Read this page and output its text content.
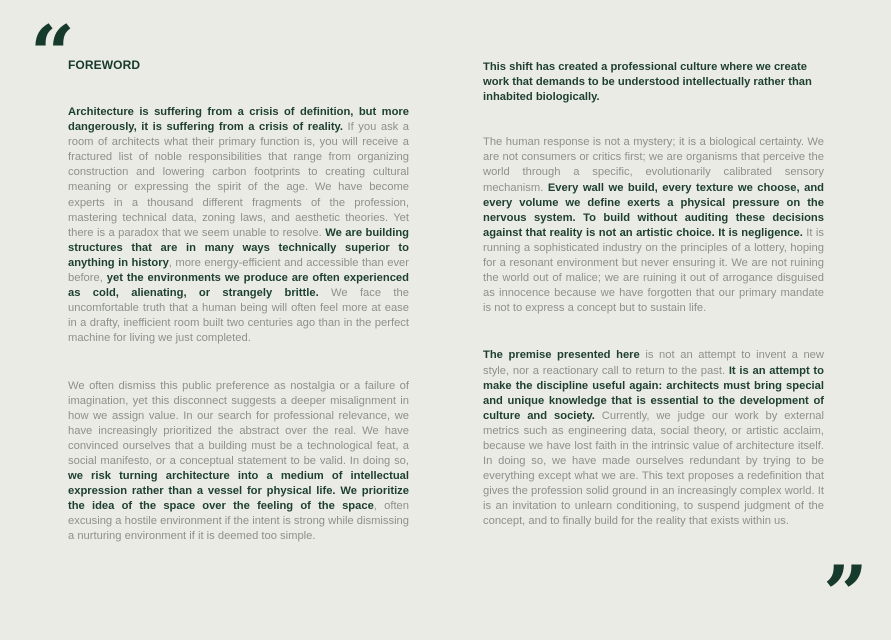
“
”
FOREWORD

Architecture is suffering from a crisis of definition, but more dangerously, it is suffering from a crisis of reality. If you ask a room of architects what their primary function is, you will receive a fractured list of noble responsibilities that range from organizing construction and lowering carbon footprints to creating cultural meaning or expressing the spirit of the age. We have become experts in a thousand different fragments of the profession, mastering technical data, zoning laws, and aesthetic theories. Yet there is a paradox that we seem unable to resolve. We are building structures that are in many ways technically superior to anything in history, more energy-efficient and accessible than ever before, yet the environments we produce are often experienced as cold, alienating, or strangely brittle. We face the uncomfortable truth that a human being will often feel more at ease in a drafty, inefficient room built two centuries ago than in the perfect machine for living we just completed.

We often dismiss this public preference as nostalgia or a failure of imagination, yet this disconnect suggests a deeper misalignment in how we assign value. In our search for professional relevance, we have increasingly prioritized the abstract over the real. We have convinced ourselves that a building must be a technological feat, a social manifesto, or a conceptual statement to be valid. In doing so, we risk turning architecture into a medium of intellectual expression rather than a vessel for physical life. We prioritize the idea of the space over the feeling of the space, often excusing a hostile environment if the intent is strong while dismissing a nurturing environment if it is deemed too simple.

This shift has created a professional culture where we create work that demands to be understood intellectually rather than inhabited biologically.

The human response is not a mystery; it is a biological certainty. We are not consumers or critics first; we are organisms that perceive the world through a specific, evolutionarily calibrated sensory mechanism. Every wall we build, every texture we choose, and every volume we define exerts a physical pressure on the nervous system. To build without auditing these decisions against that reality is not an artistic choice. It is negligence. It is running a sophisticated industry on the principles of a lottery, hoping for a resonant environment but never ensuring it. We are not ruining the world out of malice; we are ruining it out of arrogance disguised as innocence because we have forgotten that our primary mandate is not to express a concept but to sustain life.

The premise presented here is not an attempt to invent a new style, nor a reactionary call to return to the past. It is an attempt to make the discipline useful again: architects must bring special and unique knowledge that is essential to the development of culture and society. Currently, we judge our work by external metrics such as engineering data, social theory, or artistic acclaim, because we have lost faith in the intrinsic value of architecture itself. In doing so, we have made ourselves redundant by trying to be everything except what we are. This text proposes a redefinition that gives the profession solid ground in an increasingly complex world. It is an invitation to unlearn conditioning, to suspend judgment of the concept, and to finally build for the reality that exists within us.
